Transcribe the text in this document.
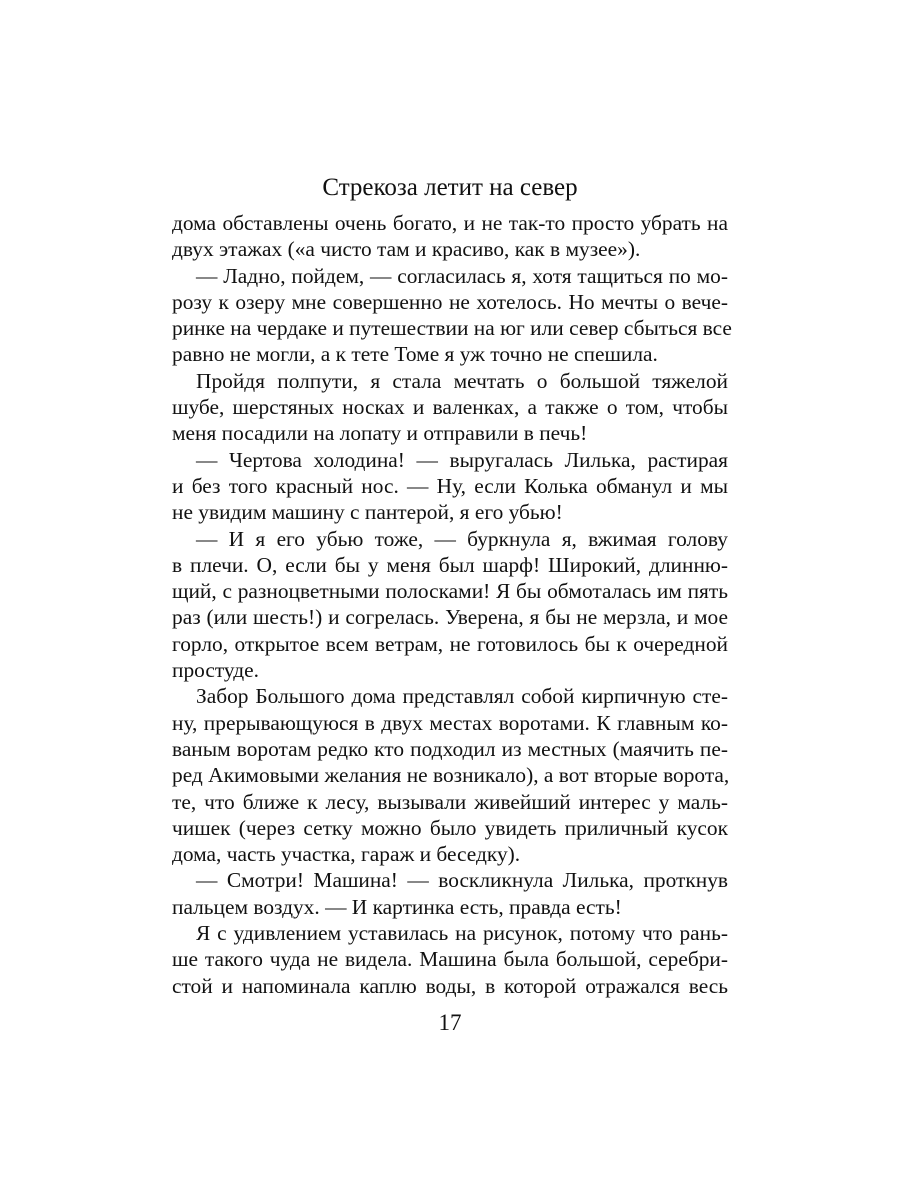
Стрекоза летит на север
дома обставлены очень богато, и не так-то просто убрать на
двух этажах («а чисто там и красиво, как в музее»).
— Ладно, пойдем, — согласилась я, хотя тащиться по мо-
розу к озеру мне совершенно не хотелось. Но мечты о вече-
ринке на чердаке и путешествии на юг или север сбыться все
равно не могли, а к тете Томе я уж точно не спешила.
Пройдя полпути, я стала мечтать о большой тяжелой
шубе, шерстяных носках и валенках, а также о том, чтобы
меня посадили на лопату и отправили в печь!
— Чертова холодина! — выругалась Лилька, растирая
и без того красный нос. — Ну, если Колька обманул и мы
не увидим машину с пантерой, я его убью!
— И я его убью тоже, — буркнула я, вжимая голову
в плечи. О, если бы у меня был шарф! Широкий, длинню-
щий, с разноцветными полосками! Я бы обмоталась им пять
раз (или шесть!) и согрелась. Уверена, я бы не мерзла, и мое
горло, открытое всем ветрам, не готовилось бы к очередной
простуде.
Забор Большого дома представлял собой кирпичную сте-
ну, прерывающуюся в двух местах воротами. К главным ко-
ваным воротам редко кто подходил из местных (маячить пе-
ред Акимовыми желания не возникало), а вот вторые ворота,
те, что ближе к лесу, вызывали живейший интерес у маль-
чишек (через сетку можно было увидеть приличный кусок
дома, часть участка, гараж и беседку).
— Смотри! Машина! — воскликнула Лилька, проткнув
пальцем воздух. — И картинка есть, правда есть!
Я с удивлением уставилась на рисунок, потому что рань-
ше такого чуда не видела. Машина была большой, серебри-
стой и напоминала каплю воды, в которой отражался весь
17
